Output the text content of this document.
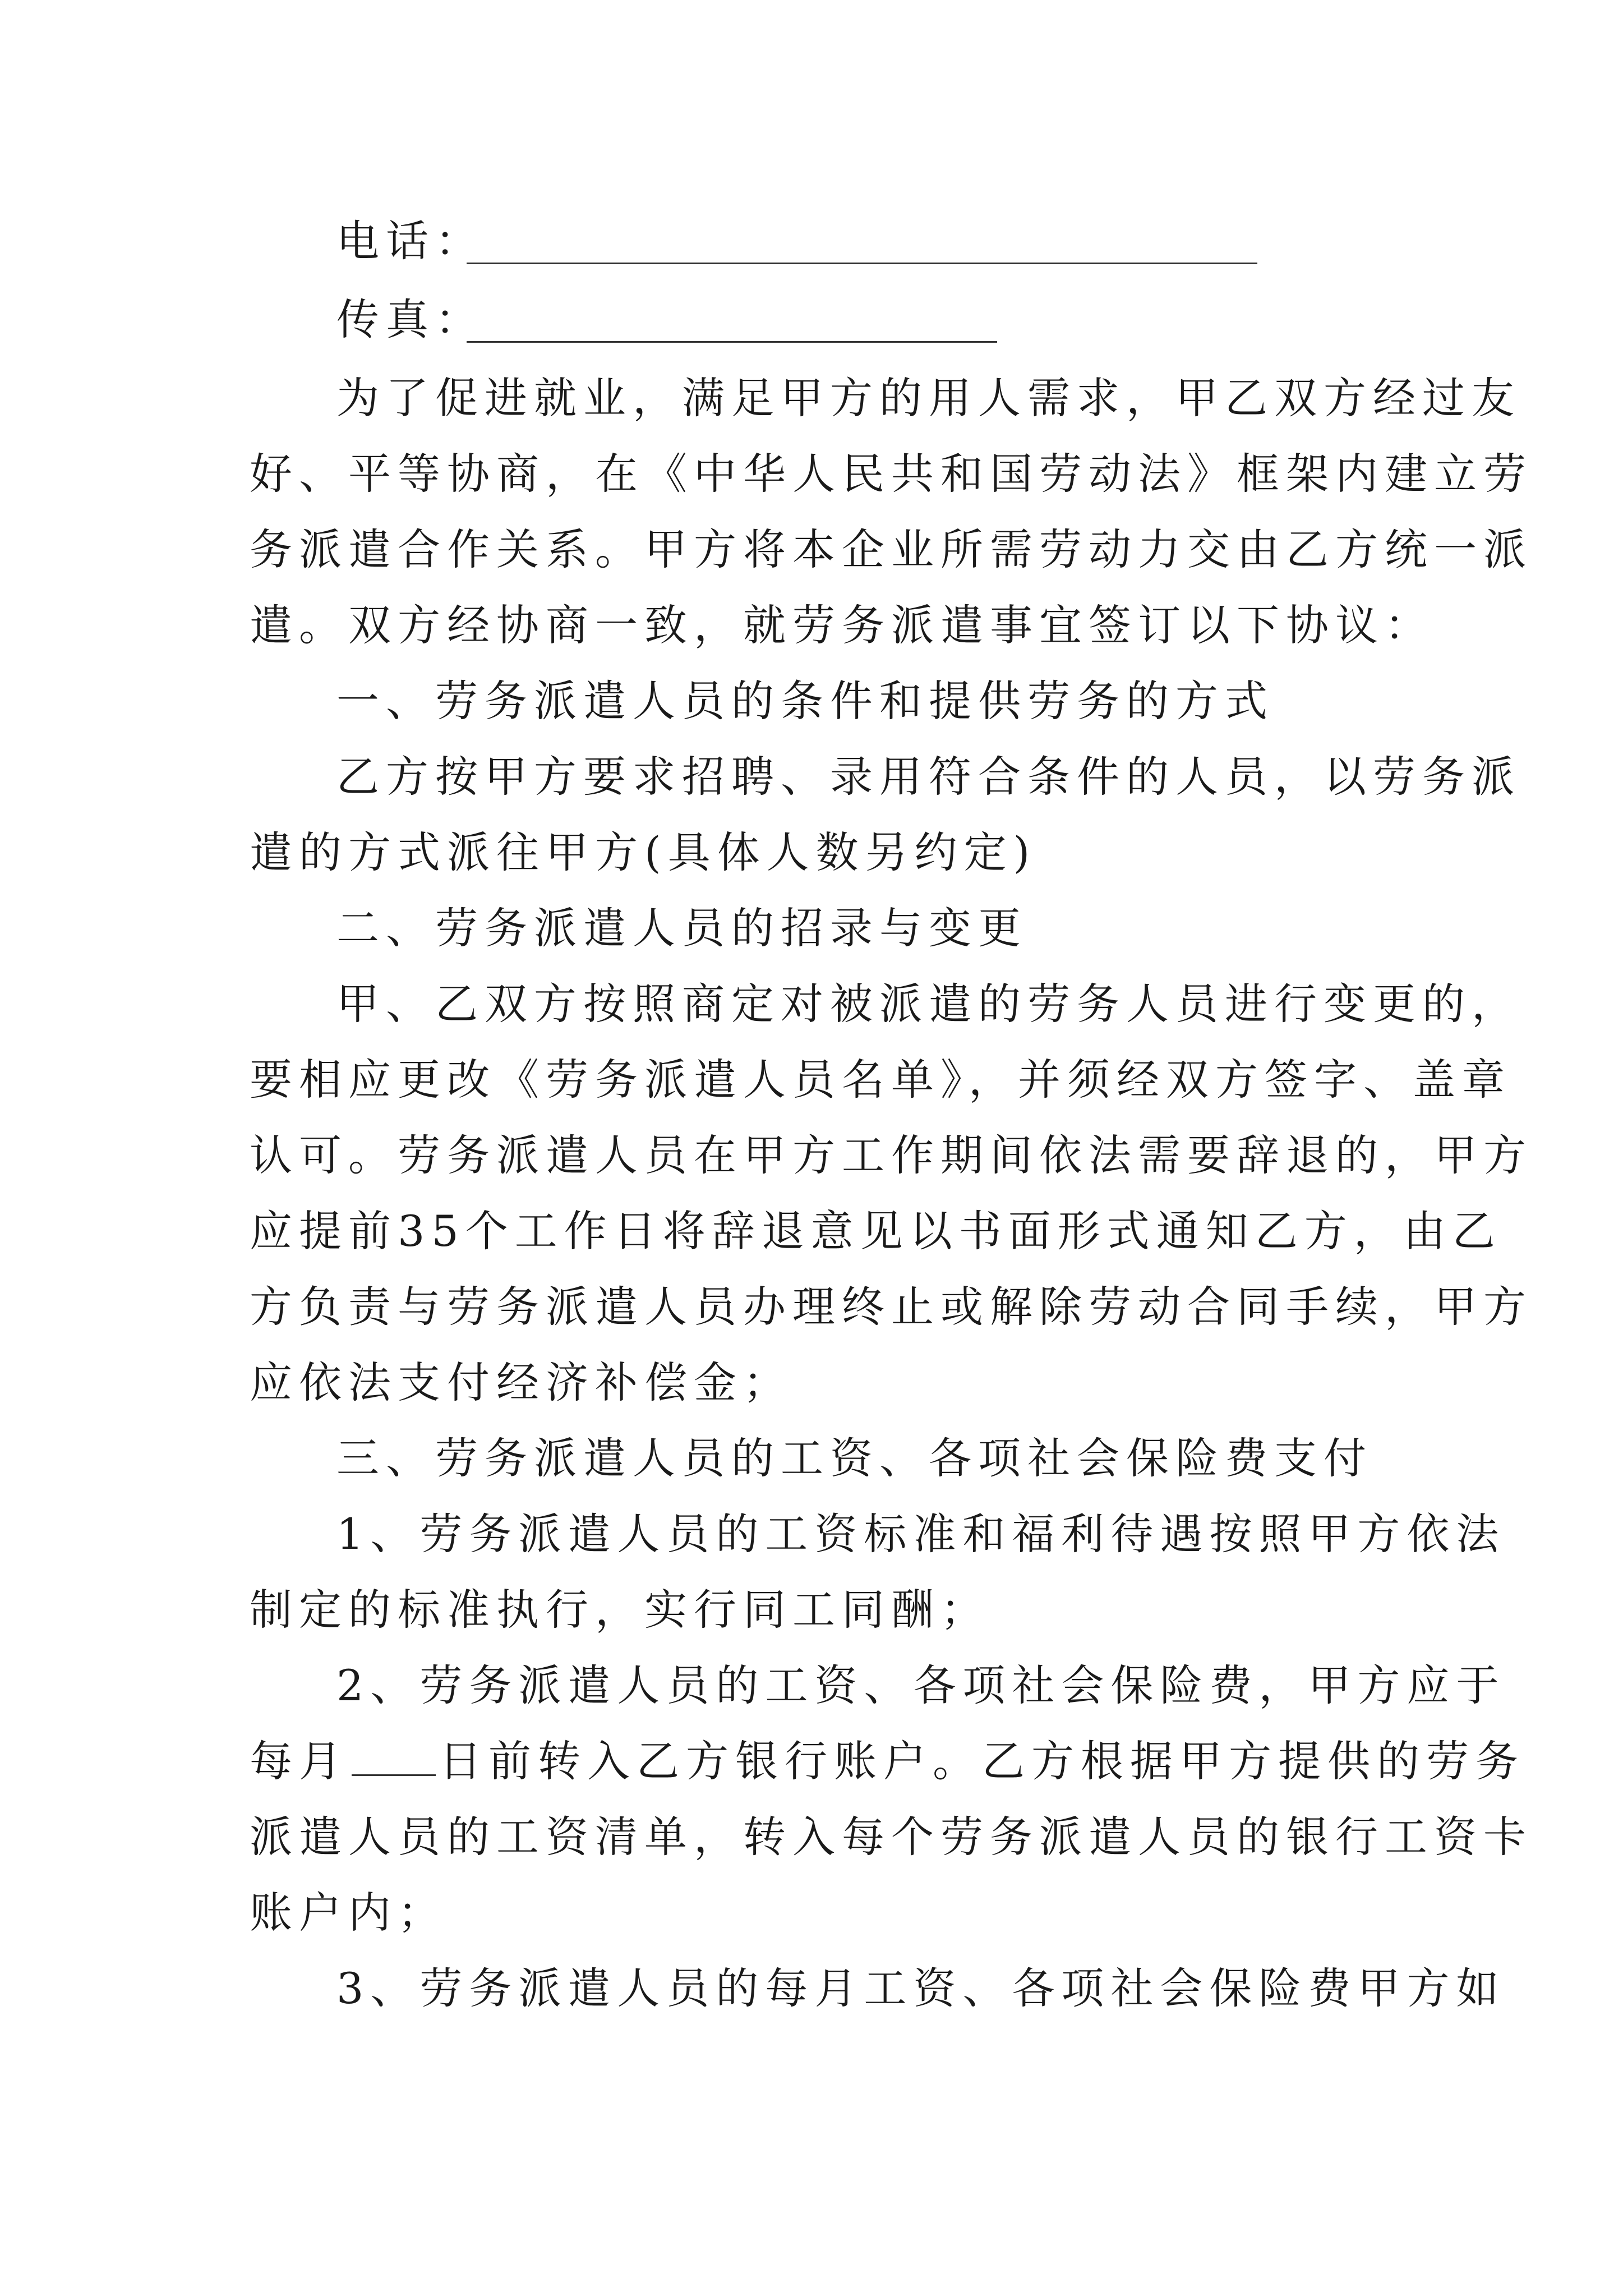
电话：
传真：
为了促进就业，满足甲方的用人需求，甲乙双方经过友
好、平等协商，在《中华人民共和国劳动法》框架内建立劳
务派遣合作关系。甲方将本企业所需劳动力交由乙方统一派
遣。双方经协商一致，就劳务派遣事宜签订以下协议：
一、劳务派遣人员的条件和提供劳务的方式
乙方按甲方要求招聘、录用符合条件的人员，以劳务派
遣的方式派往甲方(具体人数另约定)
二、劳务派遣人员的招录与变更
甲、乙双方按照商定对被派遣的劳务人员进行变更的，
要相应更改《劳务派遣人员名单》，并须经双方签字、盖章
认可。劳务派遣人员在甲方工作期间依法需要辞退的，甲方
应提前35个工作日将辞退意见以书面形式通知乙方，由乙
方负责与劳务派遣人员办理终止或解除劳动合同手续，甲方
应依法支付经济补偿金；
三、劳务派遣人员的工资、各项社会保险费支付
1、劳务派遣人员的工资标准和福利待遇按照甲方依法
制定的标准执行，实行同工同酬；
2、劳务派遣人员的工资、各项社会保险费，甲方应于
每月 日前转入乙方银行账户。乙方根据甲方提供的劳务
派遣人员的工资清单，转入每个劳务派遣人员的银行工资卡
账户内；
3、劳务派遣人员的每月工资、各项社会保险费甲方如
